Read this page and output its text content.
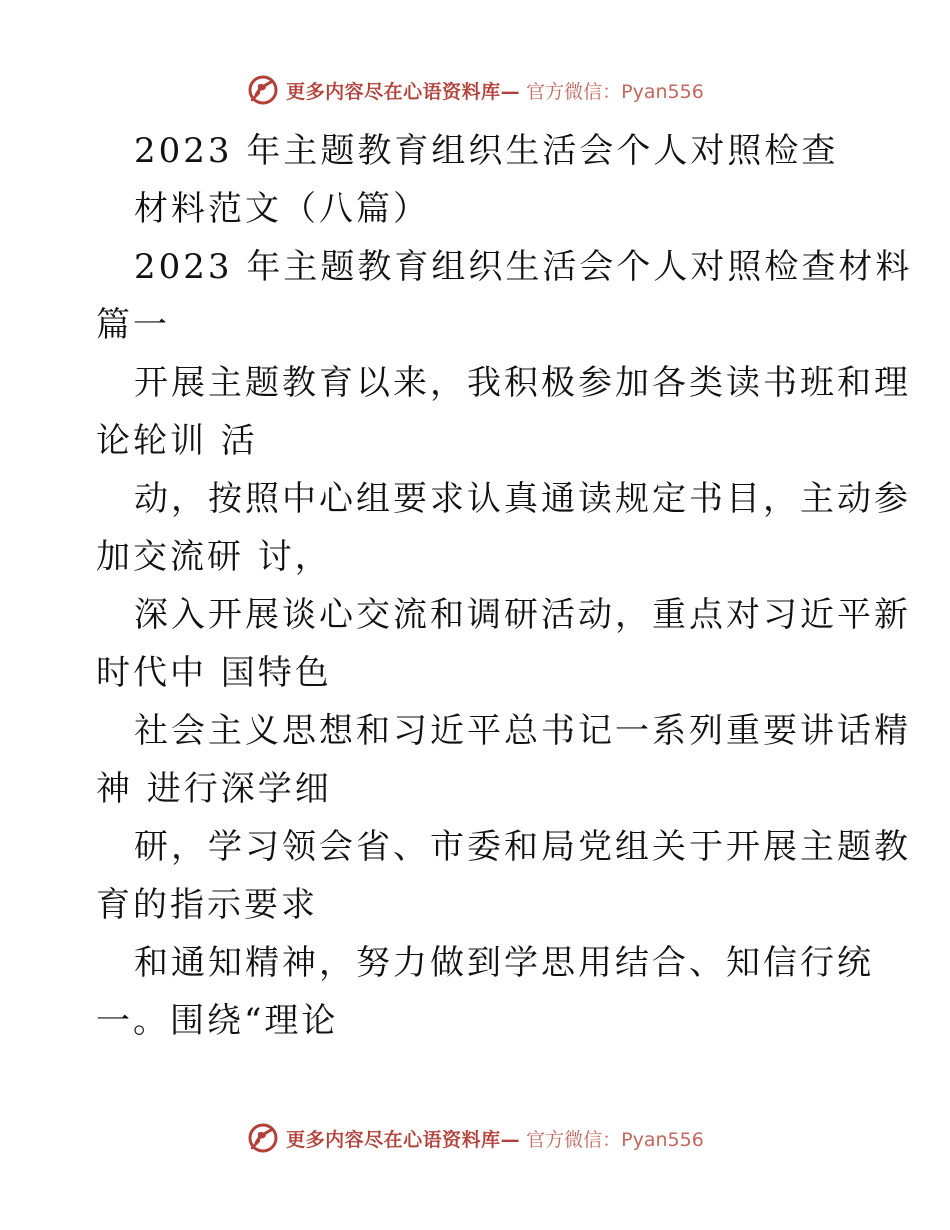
更多内容尽在心语资料库— 官方微信：Pyan556
2023 年主题教育组织生活会个人对照检查
材料范文（八篇）
2023 年主题教育组织生活会个人对照检查材料
篇一
开展主题教育以来，我积极参加各类读书班和理
论轮训 活
动，按照中心组要求认真通读规定书目，主动参
加交流研 讨，
深入开展谈心交流和调研活动，重点对习近平新
时代中 国特色
社会主义思想和习近平总书记一系列重要讲话精
神 进行深学细
研，学习领会省、市委和局党组关于开展主题教
育的指示要求
和通知精神，努力做到学思用结合、知信行统
一。围绕“理论
更多内容尽在心语资料库— 官方微信：Pyan556
